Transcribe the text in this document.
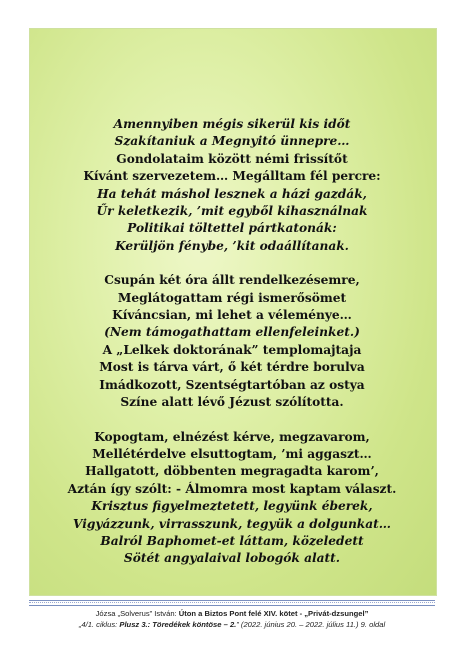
Amennyiben mégis sikerül kis időt
Szakítaniuk a Megnyitó ünnepre…
Gondolataim között némi frissítőt
Kívánt szervezetem… Megálltam fél percre:
Ha tehát máshol lesznek a házi gazdák,
Űr keletkezik, ’mit egyből kihasználnak
Politikai töltettel pártkatonák:
Kerüljön fénybe, ’kit odaállítanak.
Csupán két óra állt rendelkezésemre,
Meglátogattam régi ismerősömet
Kíváncsian, mi lehet a véleménye…
(Nem támogathattam ellenfeleinket.)
A „Lelkek doktorának” templomajtaja
Most is tárva várt, ő két térdre borulva
Imádkozott, Szentségtartóban az ostya
Színe alatt lévő Jézust szólította.
Kopogtam, elnézést kérve, megzavarom,
Mellétérdelve elsuttogtam, ’mi aggaszt…
Hallgatott, döbbenten megragadta karom’,
Aztán így szólt: - Álmomra most kaptam választ.
Krisztus figyelmeztetett, legyünk éberek,
Vigyázzunk, virrasszunk, tegyük a dolgunkat…
Balról Baphomet-et láttam, közeledett
Sötét angyalaival lobogók alatt.
Józsa „Solverus” István: Úton a Biztos Pont felé XIV. kötet - „Privát-dzsungel”
„4/1. ciklus: Plusz 3.: Töredékek köntöse – 2.” (2022. június 20. – 2022. július 11.) 9. oldal
